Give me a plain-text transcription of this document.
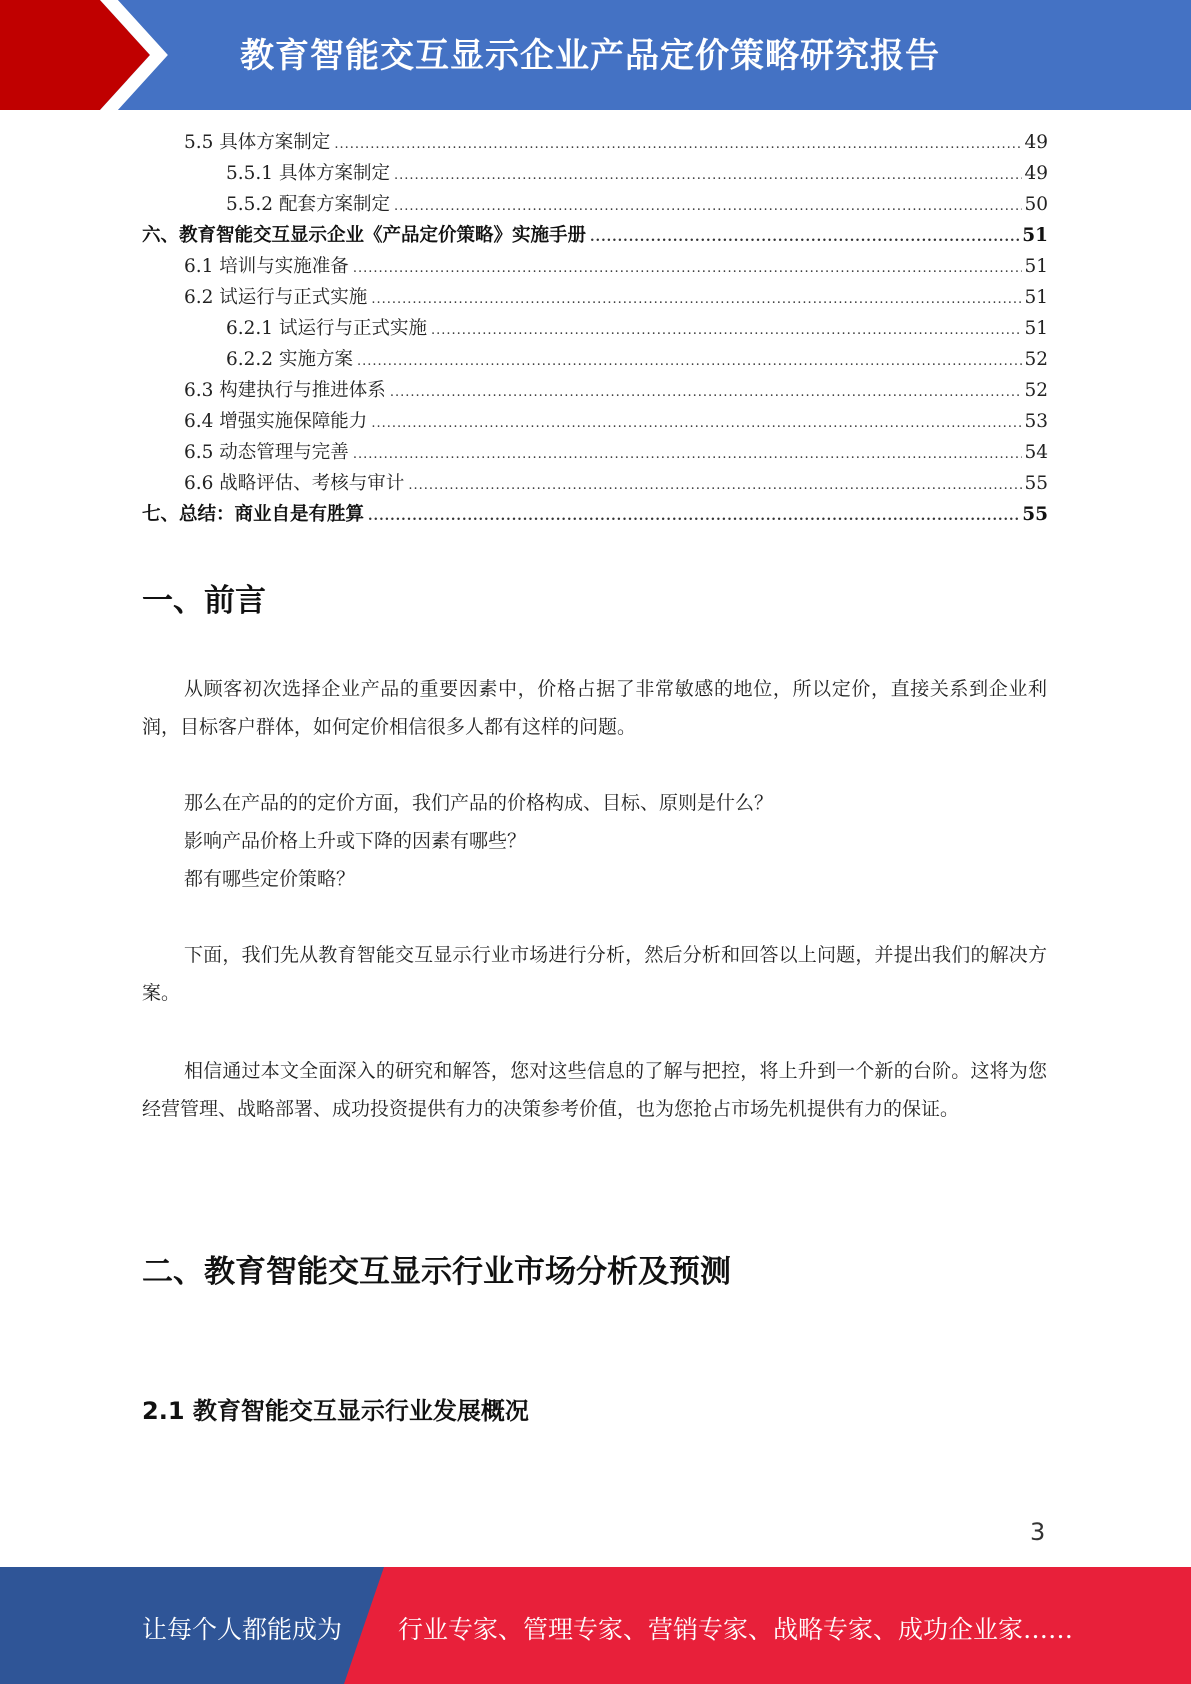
教育智能交互显示企业产品定价策略研究报告
5.5 具体方案制定 .....	49
5.5.1 具体方案制定 .....	49
5.5.2 配套方案制定 .....	50
六、教育智能交互显示企业《产品定价策略》实施手册 .....	51
6.1 培训与实施准备 .....	51
6.2 试运行与正式实施 .....	51
6.2.1 试运行与正式实施 .....	51
6.2.2 实施方案 .....	52
6.3 构建执行与推进体系 .....	52
6.4 增强实施保障能力 .....	53
6.5 动态管理与完善 .....	54
6.6 战略评估、考核与审计 .....	55
七、总结：商业自是有胜算 .....	55
一、前言
从顾客初次选择企业产品的重要因素中，价格占据了非常敏感的地位，所以定价，直接关系到企业利润，目标客户群体，如何定价相信很多人都有这样的问题。
那么在产品的的定价方面，我们产品的价格构成、目标、原则是什么？
影响产品价格上升或下降的因素有哪些？
都有哪些定价策略？
下面，我们先从教育智能交互显示行业市场进行分析，然后分析和回答以上问题，并提出我们的解决方案。
相信通过本文全面深入的研究和解答，您对这些信息的了解与把控，将上升到一个新的台阶。这将为您经营管理、战略部署、成功投资提供有力的决策参考价值，也为您抢占市场先机提供有力的保证。
二、教育智能交互显示行业市场分析及预测
2.1 教育智能交互显示行业发展概况
3
让每个人都能成为 行业专家、管理专家、营销专家、战略专家、成功企业家……
